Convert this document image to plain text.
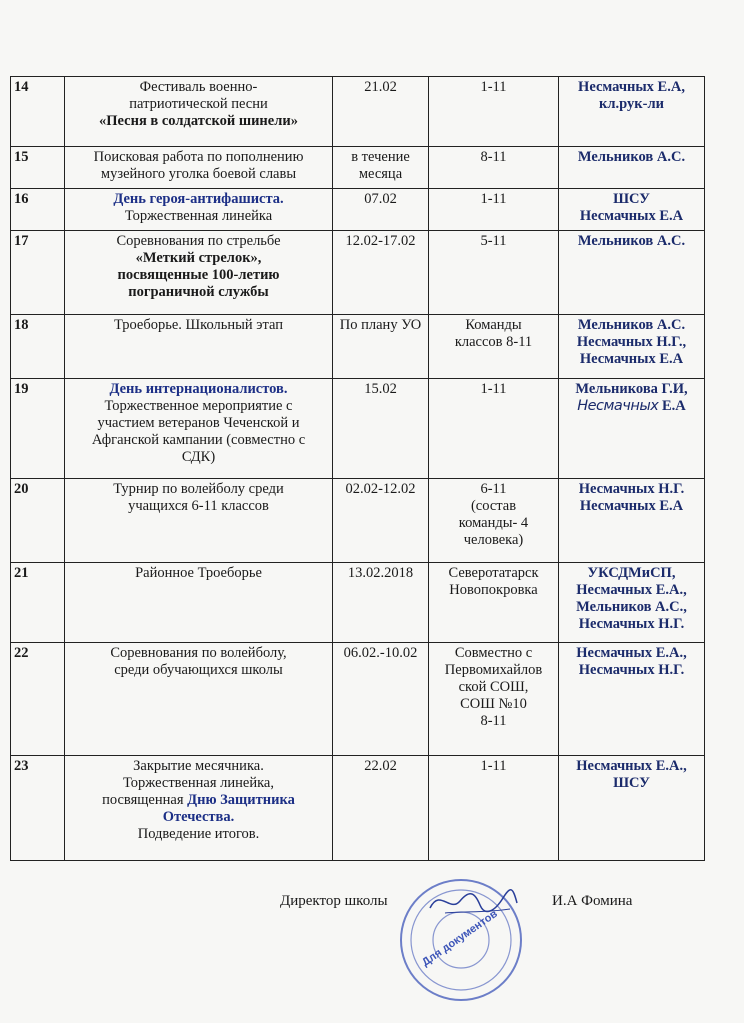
14	Фестиваль военно-
патриотической песни
«Песня в солдатской шинели»	21.02	1-11	Несмачных Е.А,
кл.рук-ли

15	Поисковая работа по пополнению
музейного уголка боевой славы	в течение месяца	8-11	Мельников А.С.

16	День героя-антифашиста.
Торжественная линейка	07.02	1-11	ШСУ
Несмачных Е.А

17	Соревнования по стрельбе
«Меткий стрелок»,
посвященные 100-летию
пограничной службы	12.02-17.02	5-11	Мельников А.С.

18	Троеборье. Школьный этап	По плану УО	Команды
классов 8-11	Мельников А.С.
Несмачных Н.Г.,
Несмачных Е.А

19	День интернационалистов.
Торжественное мероприятие с
участием ветеранов Чеченской и
Афганской кампании (совместно с
СДК)	15.02	1-11	Мельникова Г.И,
Несмачных Е.А

20	Турнир по волейболу среди
учащихся 6-11 классов	02.02-12.02	6-11
(состав
команды- 4
человека)	Несмачных Н.Г.
Несмачных Е.А

21	Районное Троеборье	13.02.2018	Северотатарск
Новопокровка	УКСДМиСП,
Несмачных Е.А.,
Мельников А.С.,
Несмачных Н.Г.

22	Соревнования по волейболу,
среди обучающихся школы	06.02.-10.02	Совместно с
Первомихайлов
ской СОШ,
СОШ №10
8-11	Несмачных Е.А.,
Несмачных Н.Г.

23	Закрытие месячника.
Торжественная линейка,
посвященная Дню Защитника
Отечества.
Подведение итогов.	22.02	1-11	Несмачных Е.А.,
ШСУ
Директор школы
Для документов
И.А Фомина
